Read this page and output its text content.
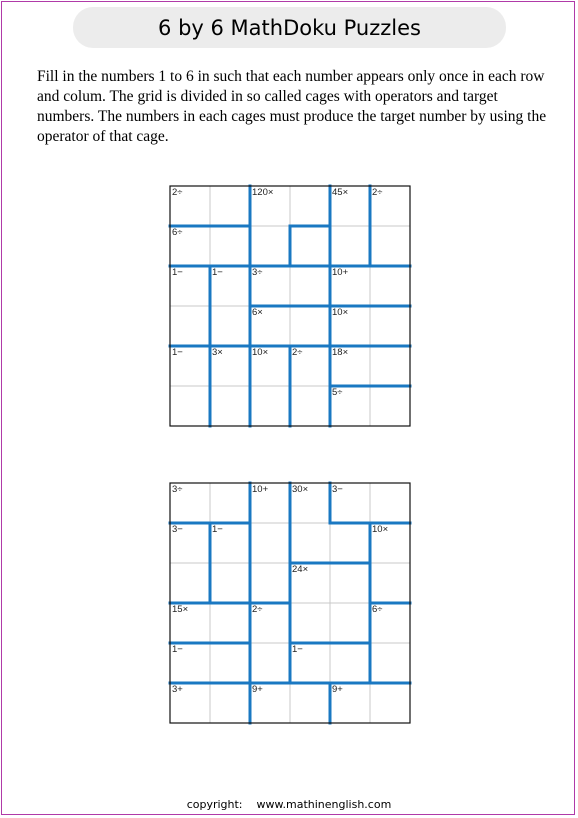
6 by 6 MathDoku Puzzles

Fill in the numbers 1 to 6 in such that each number appears only once in each row and colum. The grid is divided in so called cages with operators and target numbers. The numbers in each cages must produce the target number by using the operator of that cage.

2÷	120×	45×	2÷
6÷
1−	1−	3÷	10+
6×	10×
1−	3×	10×	2÷	18×
5÷
3÷	10+	30×	3−
3−	1−	10×
24×
15×	2÷	6÷
1−	1−
3+	9+	9+
copyright: www.mathinenglish.com
